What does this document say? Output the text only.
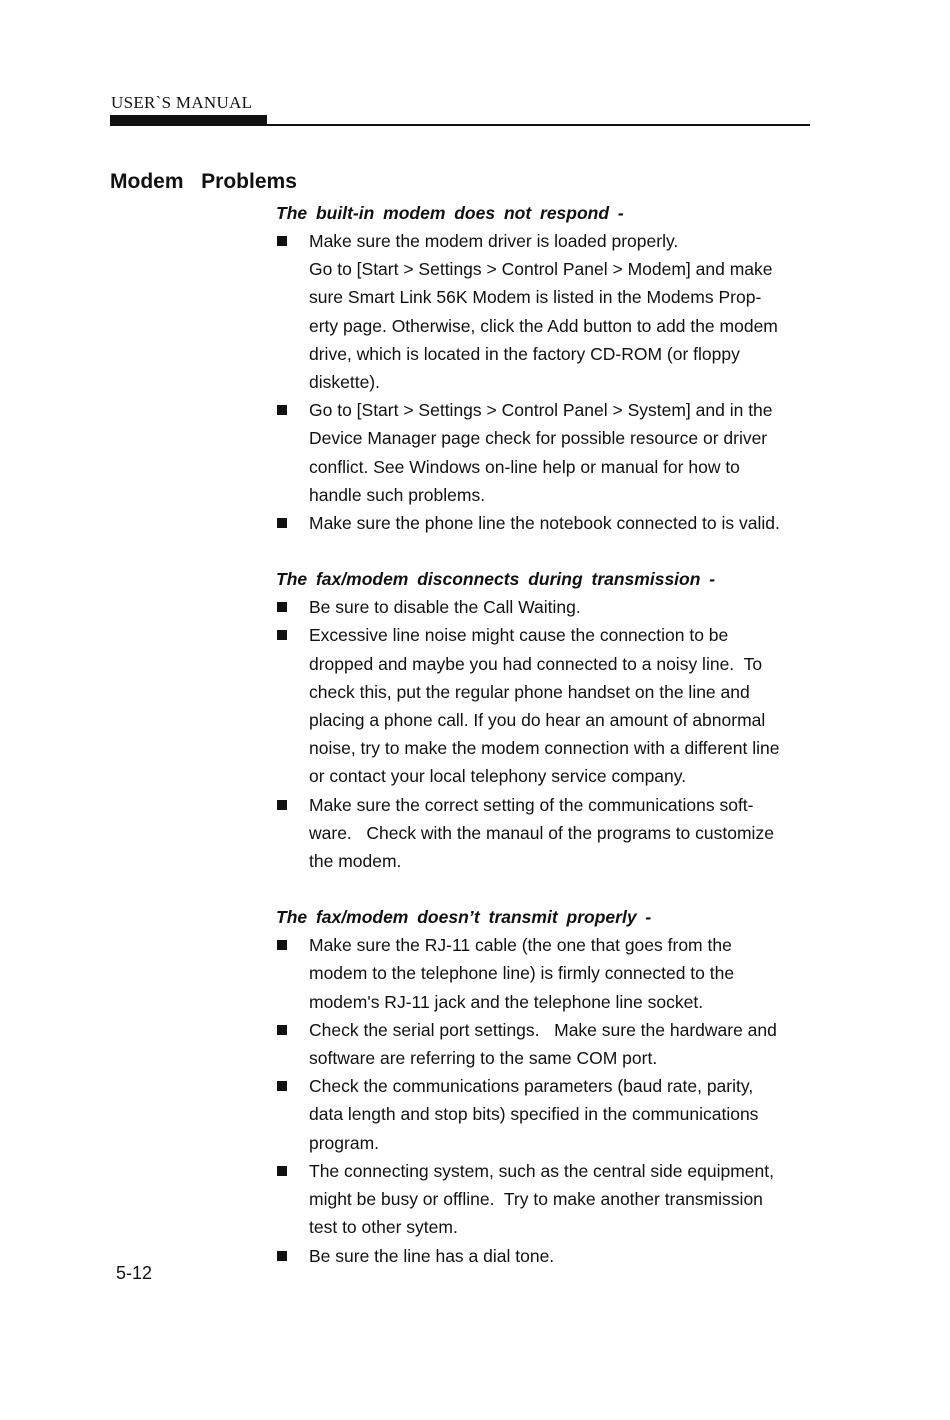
USER`S MANUAL
Modem  Problems
The built-in modem does not respond -
Make sure the modem driver is loaded properly.
Go to [Start > Settings > Control Panel > Modem] and make
sure Smart Link 56K Modem is listed in the Modems Prop-
erty page. Otherwise, click the Add button to add the modem
drive, which is located in the factory CD-ROM (or floppy
diskette).
Go to [Start > Settings > Control Panel > System] and in the
Device Manager page check for possible resource or driver
conflict. See Windows on-line help or manual for how to
handle such problems.
Make sure the phone line the notebook connected to is valid.
The fax/modem disconnects during transmission -
Be sure to disable the Call Waiting.
Excessive line noise might cause the connection to be
dropped and maybe you had connected to a noisy line.  To
check this, put the regular phone handset on the line and
placing a phone call. If you do hear an amount of abnormal
noise, try to make the modem connection with a different line
or contact your local telephony service company.
Make sure the correct setting of the communications soft-
ware.   Check with the manaul of the programs to customize
the modem.
The fax/modem doesn’t transmit properly -
Make sure the RJ-11 cable (the one that goes from the
modem to the telephone line) is firmly connected to the
modem's RJ-11 jack and the telephone line socket.
Check the serial port settings.   Make sure the hardware and
software are referring to the same COM port.
Check the communications parameters (baud rate, parity,
data length and stop bits) specified in the communications
program.
The connecting system, such as the central side equipment,
might be busy or offline.  Try to make another transmission
test to other sytem.
Be sure the line has a dial tone.
5-12
